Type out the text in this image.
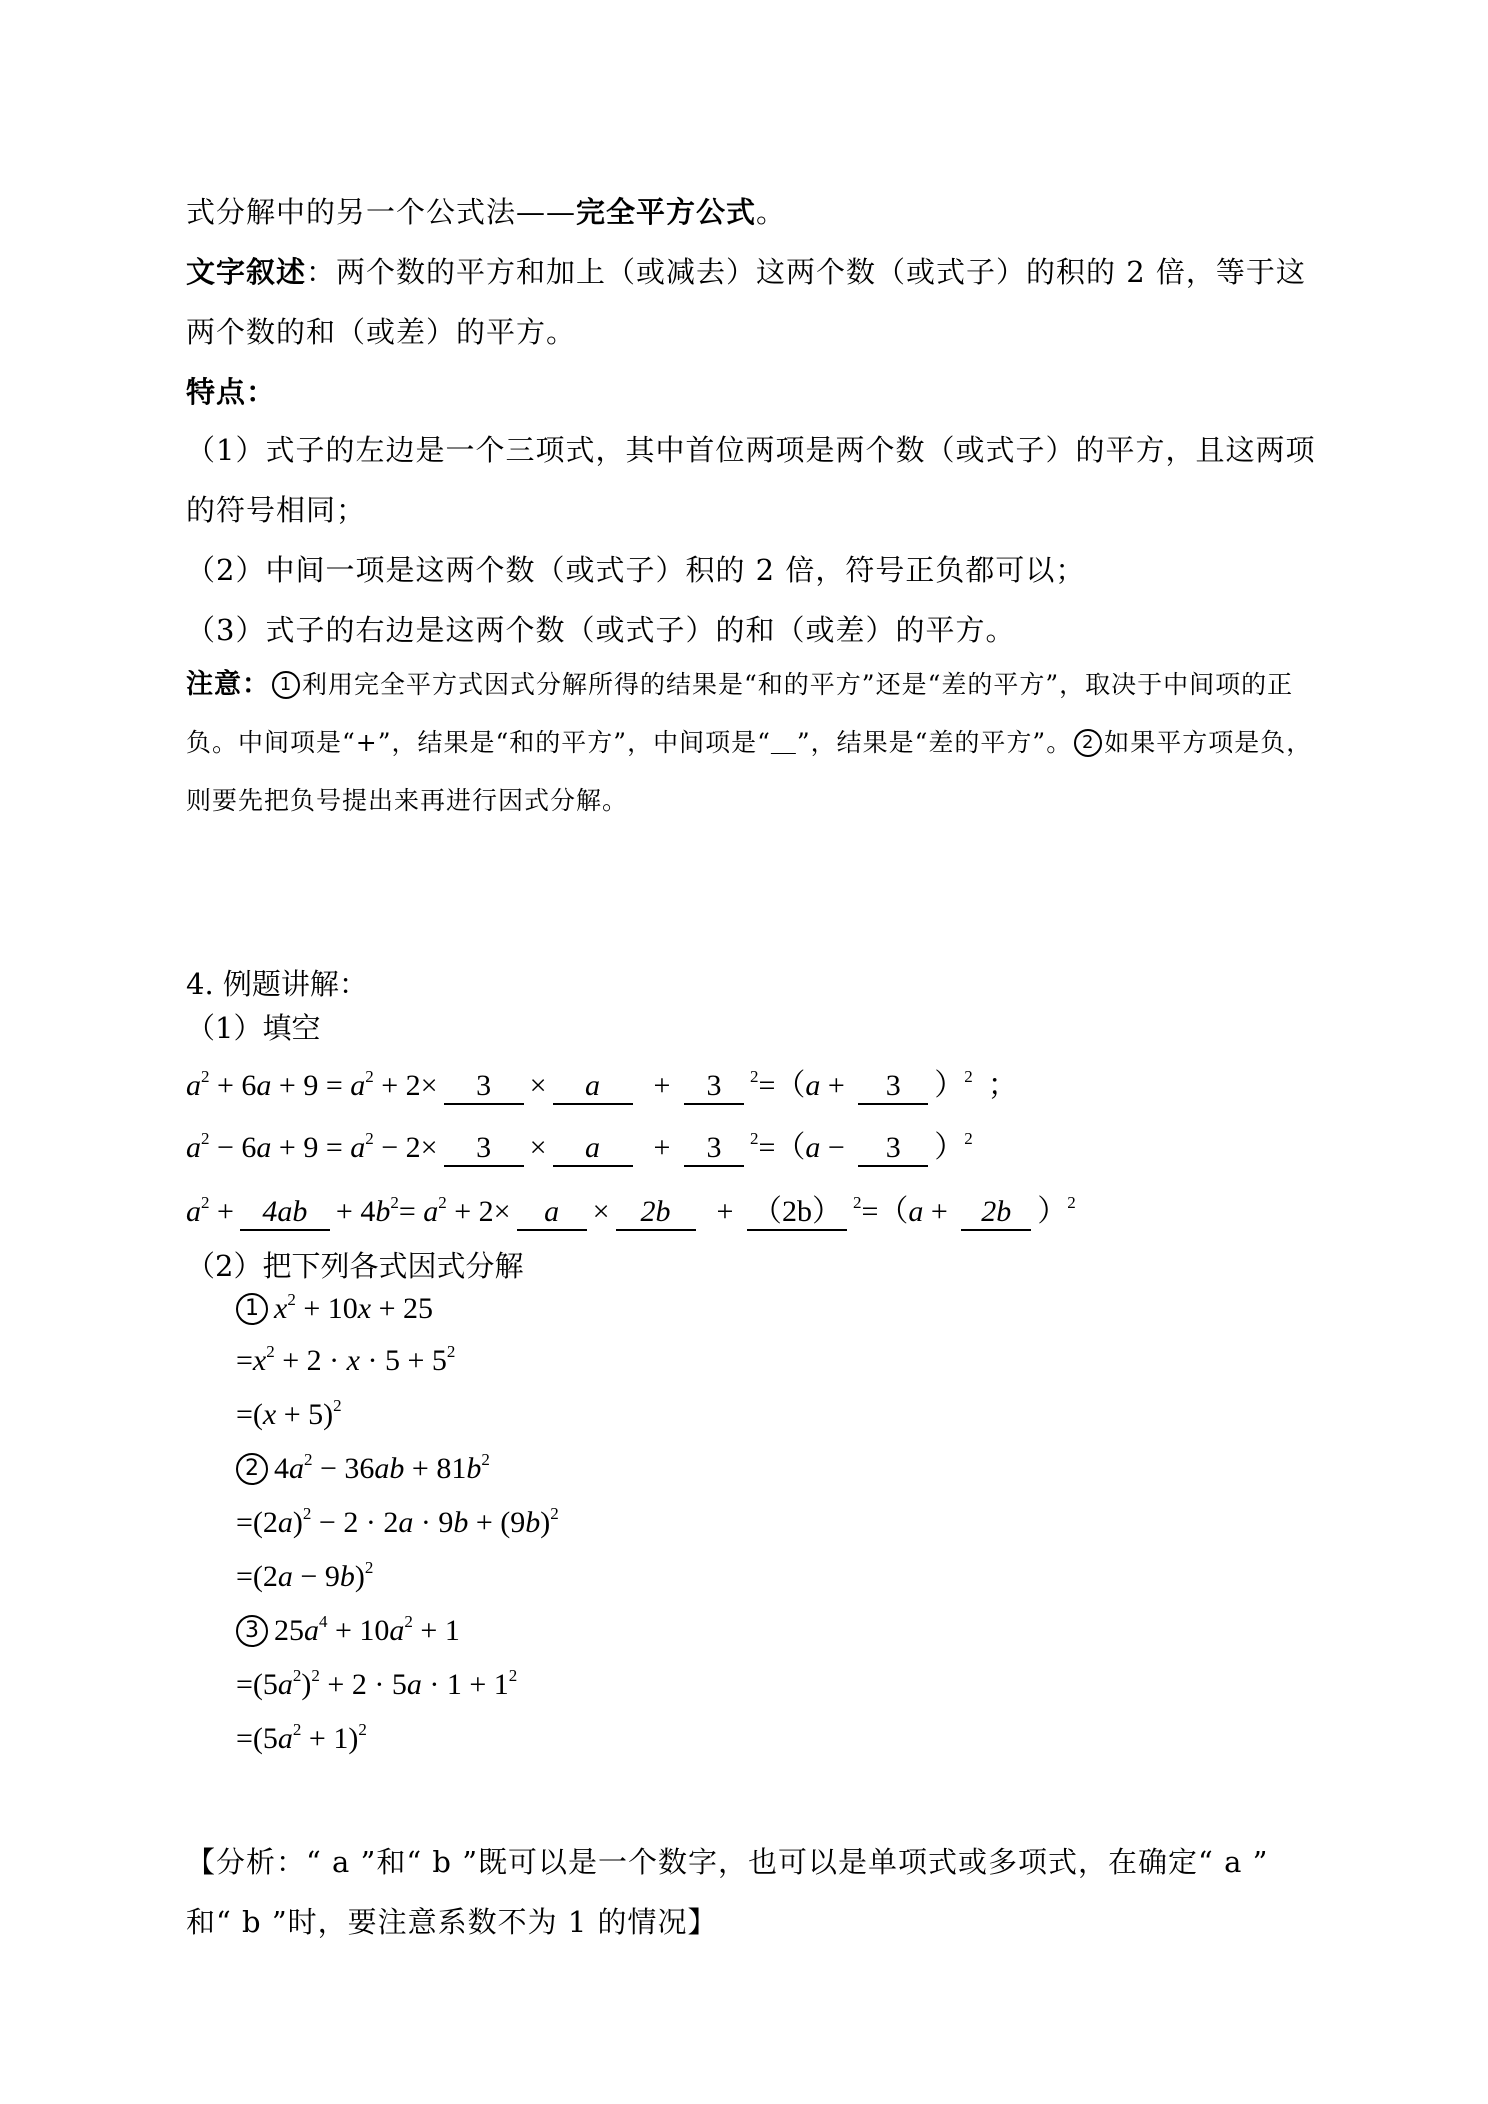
式分解中的另一个公式法——完全平方公式。
文字叙述：两个数的平方和加上（或减去）这两个数（或式子）的积的 2 倍，等于这两个数的和（或差）的平方。
特点：
（1）式子的左边是一个三项式，其中首位两项是两个数（或式子）的平方，且这两项的符号相同；
（2）中间一项是这两个数（或式子）积的 2 倍，符号正负都可以；
（3）式子的右边是这两个数（或式子）的和（或差）的平方。
注意： 1 利用完全平方式因式分解所得的结果是“和的平方”还是“差的平方”，取决于中间项的正负。中间项是“+”，结果是“和的平方”，中间项是“＿”，结果是“差的平方”。 2 如果平方项是负，则要先把负号提出来再进行因式分解。
4. 例题讲解：
（1）填空
$a^2 + 6a + 9 = a^2 + 2\times 3 \times a + 3$ $^2$=（a + 3 ）$^2$ ；
$a^2 - 6a + 9 = a^2 - 2\times 3 \times a + 3$ $^2$=（a − 3 ）$^2$
$a^2 + 4ab + 4b^2= a^2 + 2\times a \times 2b + (2b) ^2=(a + 2b$ ）$^2$
（2）把下列各式因式分解
1 $x^2 + 10x + 25$
$=x^2 + 2 \cdot x \cdot 5 + 5^2$
$=(x + 5)^2$
2 $4a^2 - 36ab + 81b^2$
$=(2a)^2 - 2 \cdot 2a \cdot 9b + (9b)^2$
$=(2a - 9b)^2$
3 $25a^4 + 10a^2 + 1$
$=(5a^2)^2 + 2 \cdot 5a \cdot 1 + 1^2$
$=(5a^2 + 1)^2$
【分析：“ a ”和“ b ”既可以是一个数字，也可以是单项式或多项式，在确定“ a ”
和“ b ”时，要注意系数不为 1 的情况】
